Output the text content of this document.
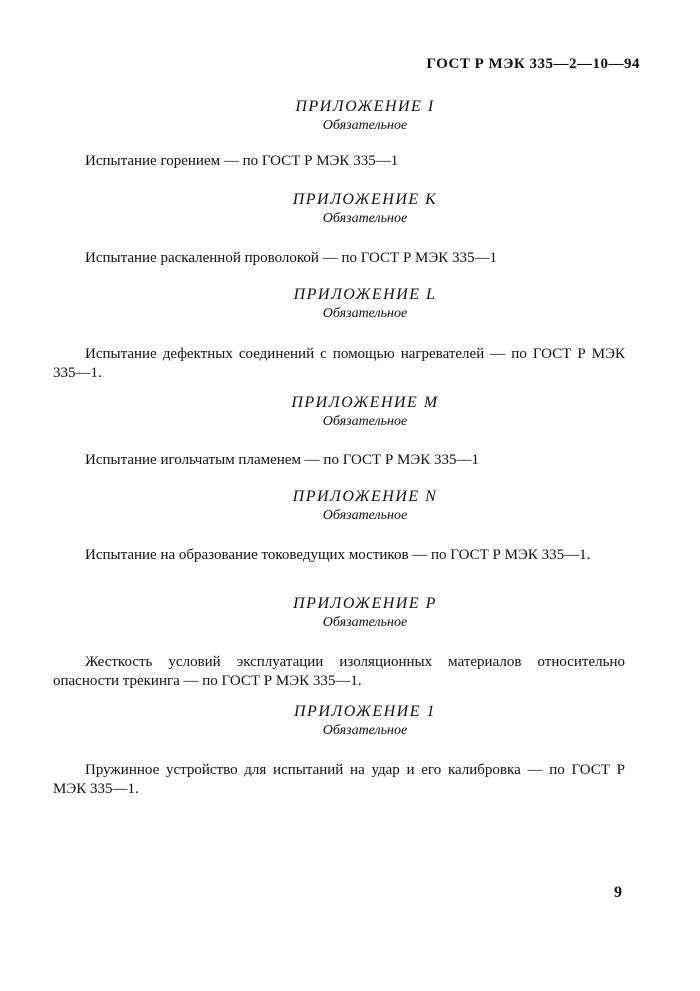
ГОСТ Р МЭК 335—2—10—94

ПРИЛОЖЕНИЕ I

Обязательное

Испытание горением — по ГОСТ Р МЭК 335—1

ПРИЛОЖЕНИЕ К

Обязательное

Испытание раскаленной проволокой — по ГОСТ Р МЭК 335—1

ПРИЛОЖЕНИЕ L

Обязательное

Испытание дефектных соединений с помощью нагревателей — по ГОСТ Р МЭК 335—1.

ПРИЛОЖЕНИЕ М

Обязательное

Испытание игольчатым пламенем — по ГОСТ Р МЭК 335—1

ПРИЛОЖЕНИЕ N

Обязательное

Испытание на образование токоведущих мостиков — по ГОСТ Р МЭК 335—1.

ПРИЛОЖЕНИЕ Р

Обязательное

Жесткость условий эксплуатации изоляционных материалов относительно опасности трекинга — по ГОСТ Р МЭК 335—1.

ПРИЛОЖЕНИЕ 1

Обязательное

Пружинное устройство для испытаний на удар и его калибровка — по ГОСТ Р МЭК 335—1.

9
